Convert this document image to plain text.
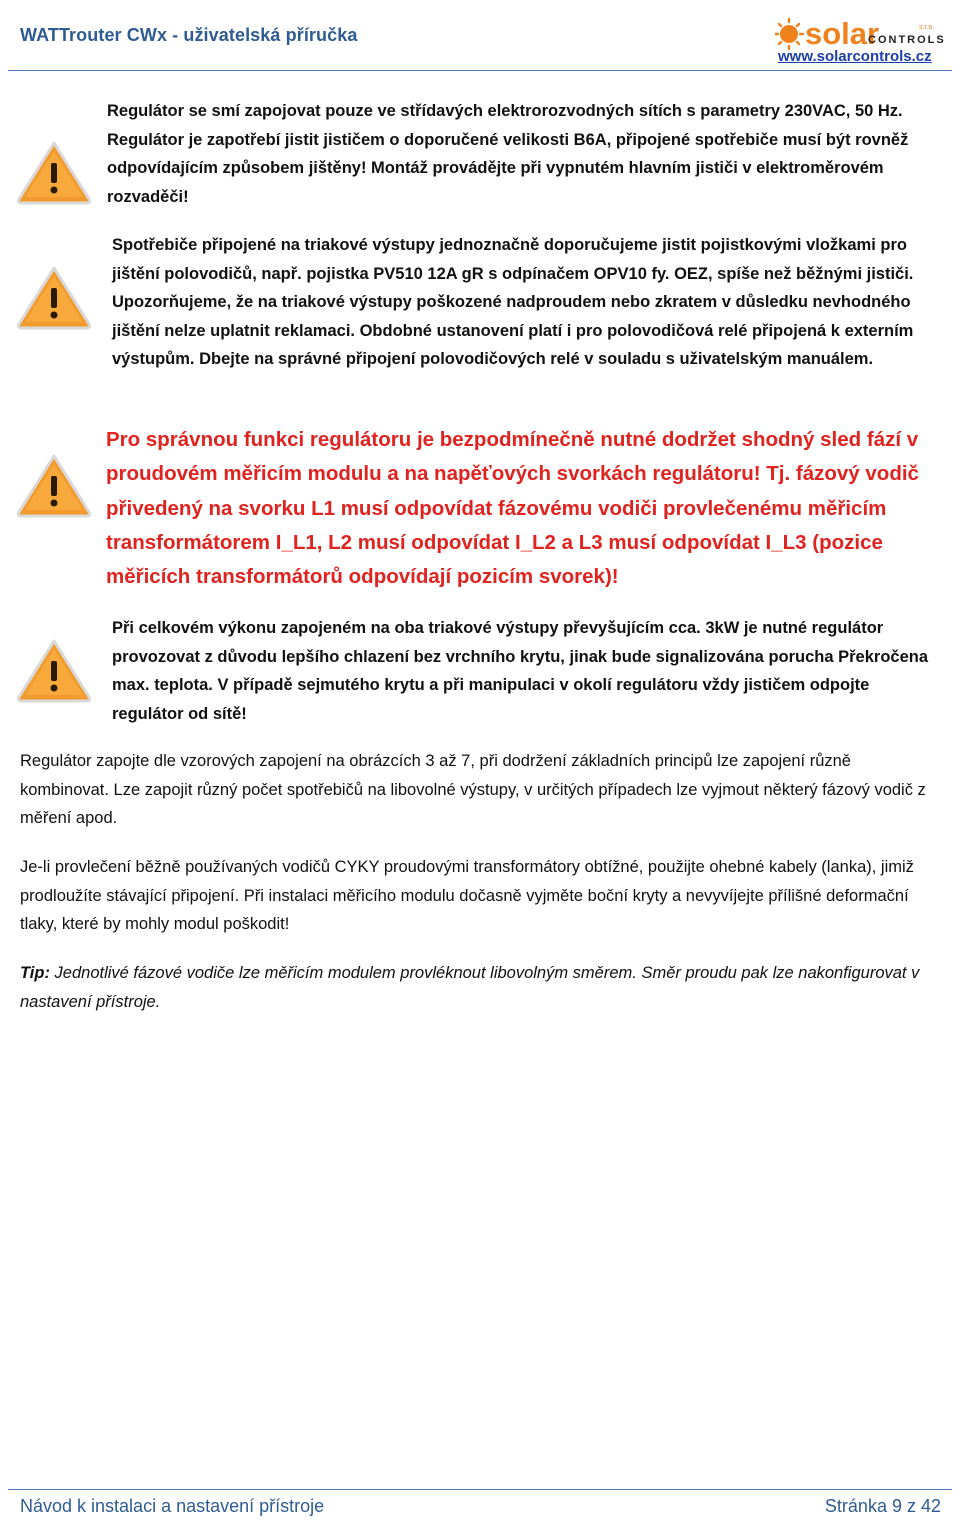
WATTrouter CWx - uživatelská příručka	solar	s.r.o.
CONTROLS
www.solarcontrols.cz
Regulátor se smí zapojovat pouze ve střídavých elektrorozvodných sítích s parametry 230VAC, 50 Hz. Regulátor je zapotřebí jistit jističem o doporučené velikosti B6A, připojené spotřebiče musí být rovněž odpovídajícím způsobem jištěny! Montáž provádějte při vypnutém hlavním jističi v elektroměrovém rozvaděči!
Spotřebiče připojené na triakové výstupy jednoznačně doporučujeme jistit pojistkovými vložkami pro jištění polovodičů, např. pojistka PV510 12A gR s odpínačem OPV10 fy. OEZ, spíše než běžnými jističi. Upozorňujeme, že na triakové výstupy poškozené nadproudem nebo zkratem v důsledku nevhodného jištění nelze uplatnit reklamaci. Obdobné ustanovení platí i pro polovodičová relé připojená k externím výstupům. Dbejte na správné připojení polovodičových relé v souladu s uživatelským manuálem.
Pro správnou funkci regulátoru je bezpodmínečně nutné dodržet shodný sled fází v proudovém měřicím modulu a na napěťových svorkách regulátoru! Tj. fázový vodič přivedený na svorku L1 musí odpovídat fázovému vodiči provlečenému měřicím transformátorem I_L1, L2 musí odpovídat I_L2 a L3 musí odpovídat I_L3 (pozice měřicích transformátorů odpovídají pozicím svorek)!
Při celkovém výkonu zapojeném na oba triakové výstupy převyšujícím cca. 3kW je nutné regulátor provozovat z důvodu lepšího chlazení bez vrchního krytu, jinak bude signalizována porucha Překročena max. teplota. V případě sejmutého krytu a při manipulaci v okolí regulátoru vždy jističem odpojte regulátor od sítě!
Regulátor zapojte dle vzorových zapojení na obrázcích 3 až 7, při dodržení základních principů lze zapojení různě kombinovat. Lze zapojit různý počet spotřebičů na libovolné výstupy, v určitých případech lze vyjmout některý fázový vodič z měření apod.
Je-li provlečení běžně používaných vodičů CYKY proudovými transformátory obtížné, použijte ohebné kabely (lanka), jimiž prodloužíte stávající připojení. Při instalaci měřicího modulu dočasně vyjměte boční kryty a nevyvíjejte přílišné deformační tlaky, které by mohly modul poškodit!
Tip: Jednotlivé fázové vodiče lze měřicím modulem provléknout libovolným směrem. Směr proudu pak lze nakonfigurovat v nastavení přístroje.
Návod k instalaci a nastavení přístroje	Stránka 9 z 42
